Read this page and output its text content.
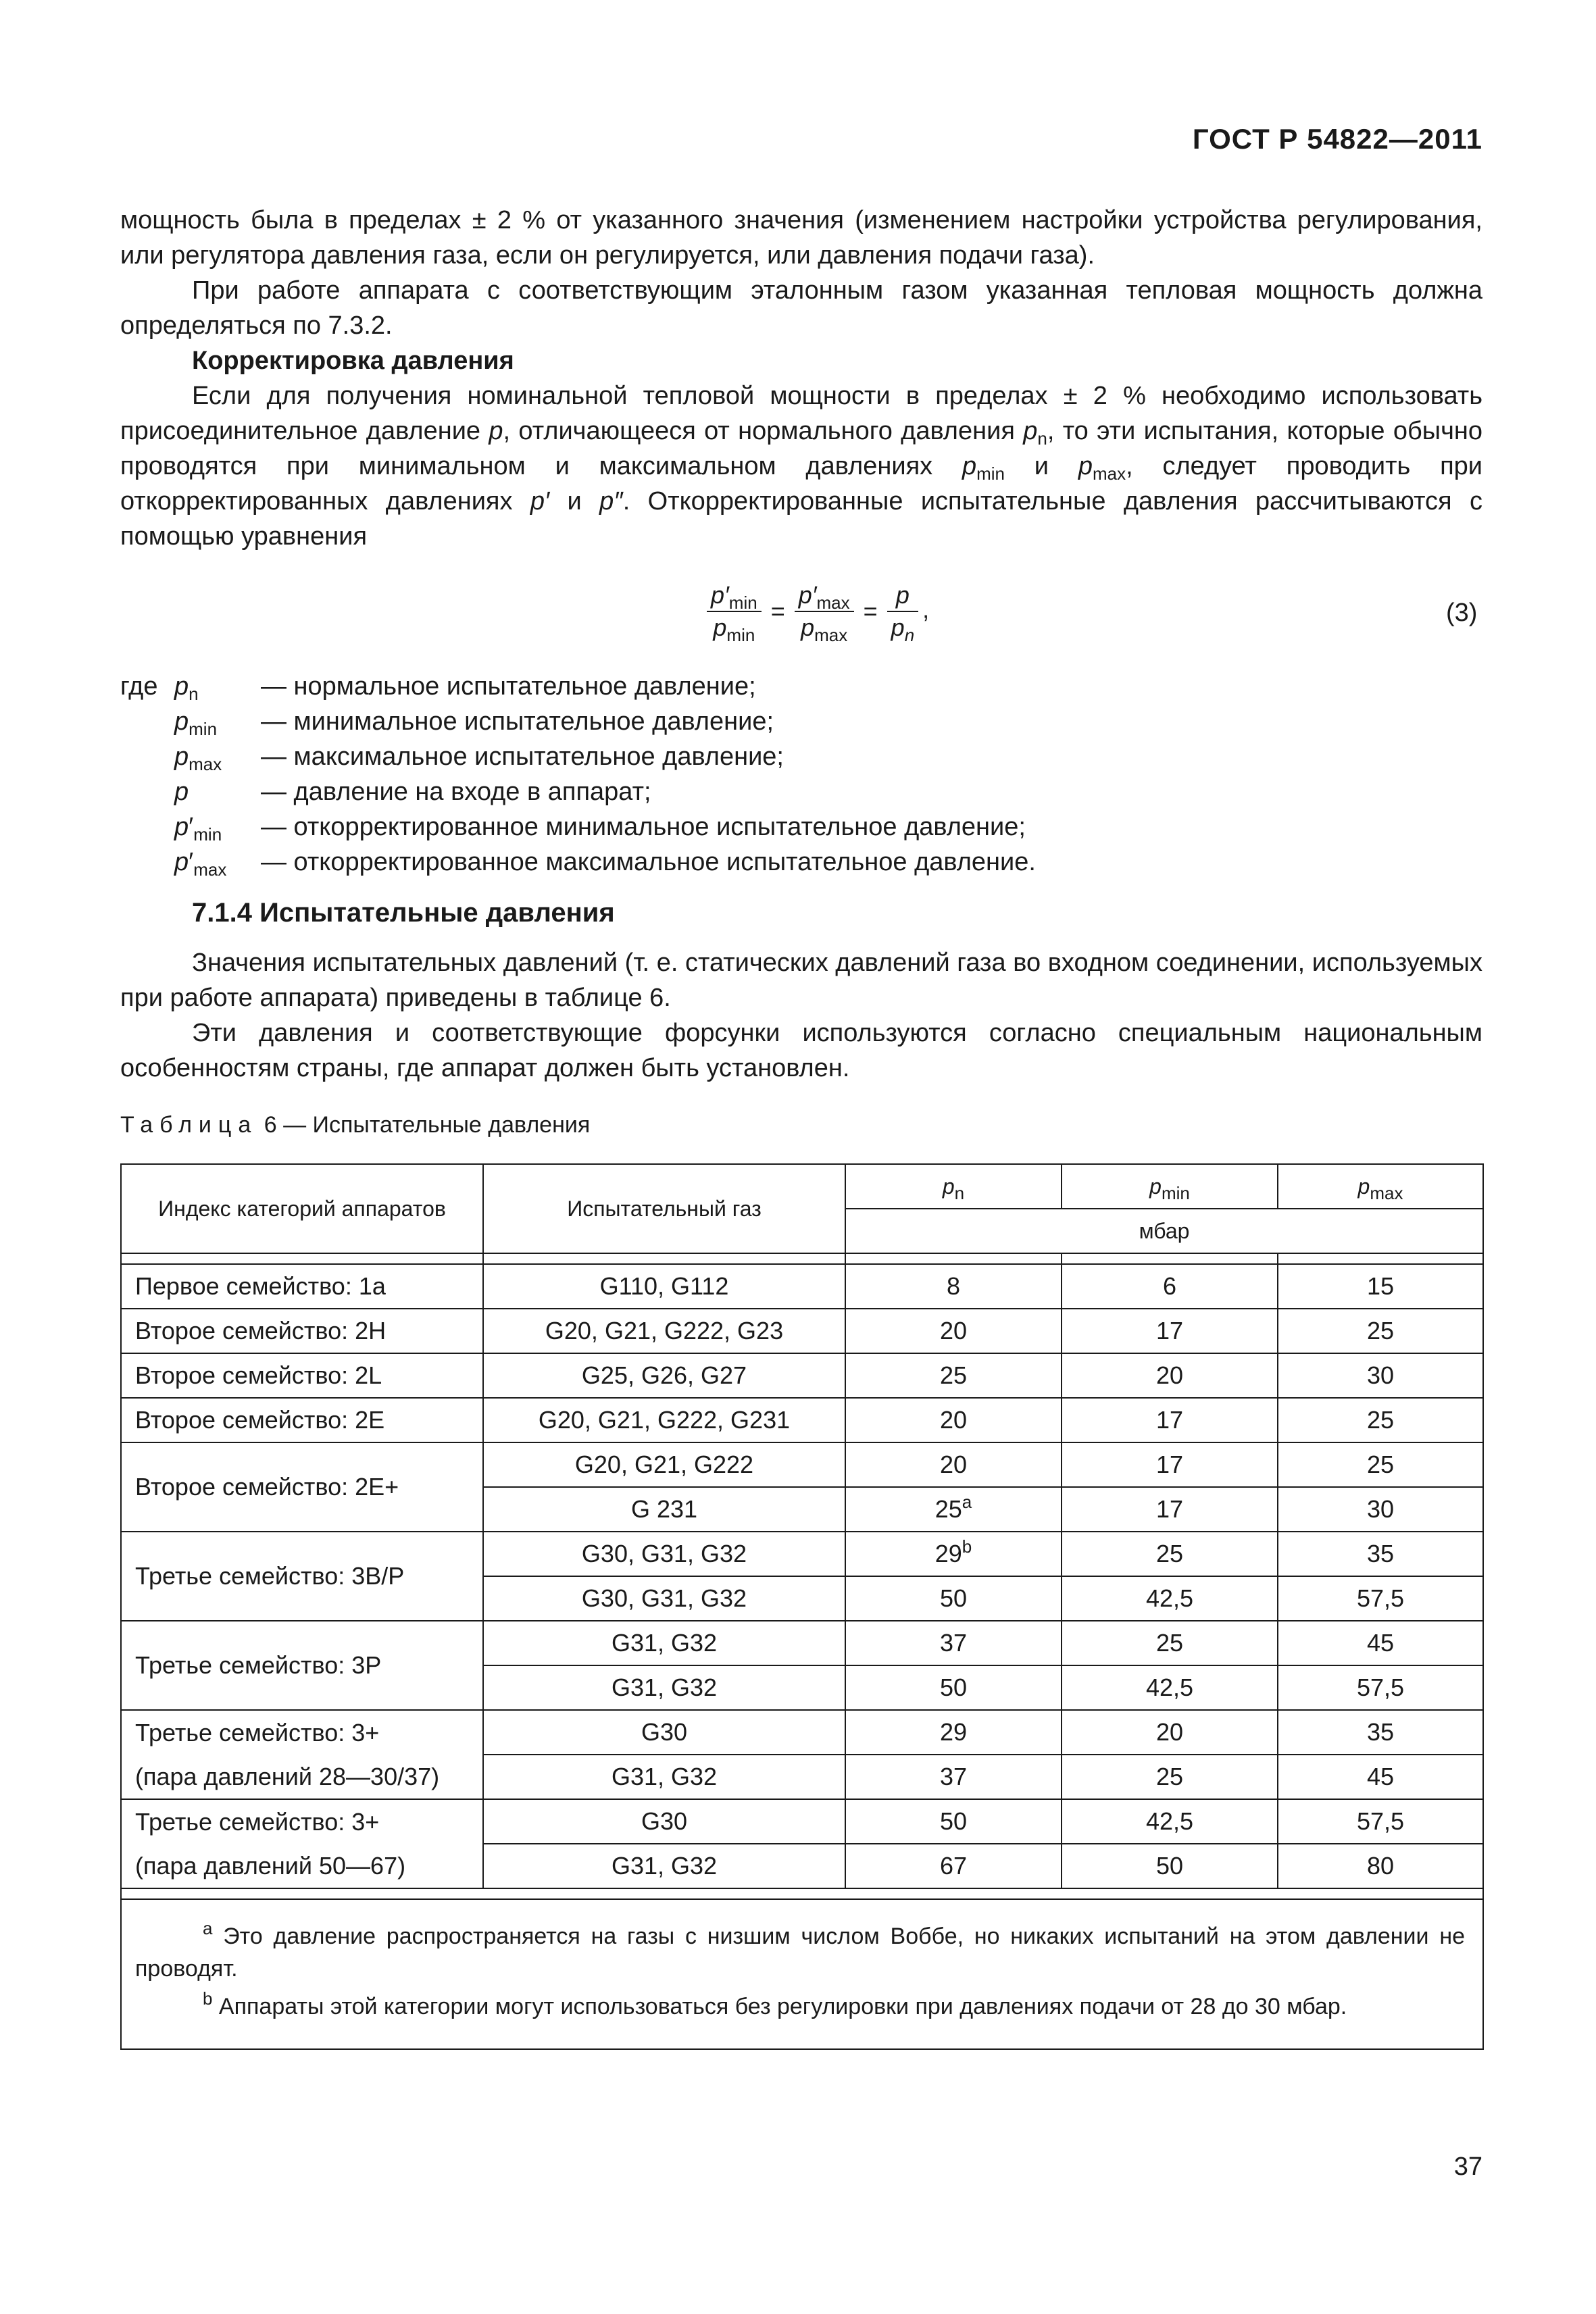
ГОСТ Р 54822—2011

мощность была в пределах ± 2 % от указанного значения (изменением настройки устройства регулирования, или регулятора давления газа, если он регулируется, или давления подачи газа).

При работе аппарата с соответствующим эталонным газом указанная тепловая мощность должна определяться по 7.3.2.

Корректировка давления

Если для получения номинальной тепловой мощности в пределах ± 2 % необходимо использовать присоединительное давление p, отличающееся от нормального давления $p_n$, то эти испытания, которые обычно проводятся при минимальном и максимальном давлениях $p_{min}$ и $p_{max}$, следует проводить при откорректированных давлениях p′ и p″. Откорректированные испытательные давления рассчитываются с помощью уравнения

$\frac{p'_{min}}{p_{min}} = \frac{p'_{max}}{p_{max}} = \frac{p}{p_n}$ ,	(3)
где $p_n$	— нормальное испытательное давление;
$p_{min}$	— минимальное испытательное давление;
$p_{max}$	— максимальное испытательное давление;
p	— давление на входе в аппарат;
$p'_{min}$	— откорректированное минимальное испытательное давление;
$p'_{max}$	— откорректированное максимальное испытательное давление.

7.1.4 Испытательные давления

Значения испытательных давлений (т. е. статических давлений газа во входном соединении, используемых при работе аппарата) приведены в таблице 6.

Эти давления и соответствующие форсунки используются согласно специальным национальным особенностям страны, где аппарат должен быть установлен.

Таблица 6 — Испытательные давления
Индекс категорий аппаратов	Испытательный газ	$p_n$	$p_{min}$	$p_{max}$
		мбар		

Первое семейство: 1a	G110, G112	8	6	15
Второе семейство: 2H	G20, G21, G222, G23	20	17	25
Второе семейство: 2L	G25, G26, G27	25	20	30
Второе семейство: 2E	G20, G21, G222, G231	20	17	25
Второе семейство: 2E+	G20, G21, G222	20	17	25
	G 231	25$^a$	17	30
Третье семейство: 3B/P	G30, G31, G32	29$^b$	25	35
	G30, G31, G32	50	42,5	57,5
Третье семейство: 3P	G31, G32	37	25	45
	G31, G32	50	42,5	57,5
Третье семейство: 3+	G30	29	20	35
(пара давлений 28—30/37)	G31, G32	37	25	45
Третье семейство: 3+	G30	50	42,5	57,5
(пара давлений 50—67)	G31, G32	67	50	80

$^a$ Это давление распространяется на газы с низшим числом Воббе, но никаких испытаний на этом давлении не проводят.

$^b$ Аппараты этой категории могут использоваться без регулировки при давлениях подачи от 28 до 30 мбар.				

37
